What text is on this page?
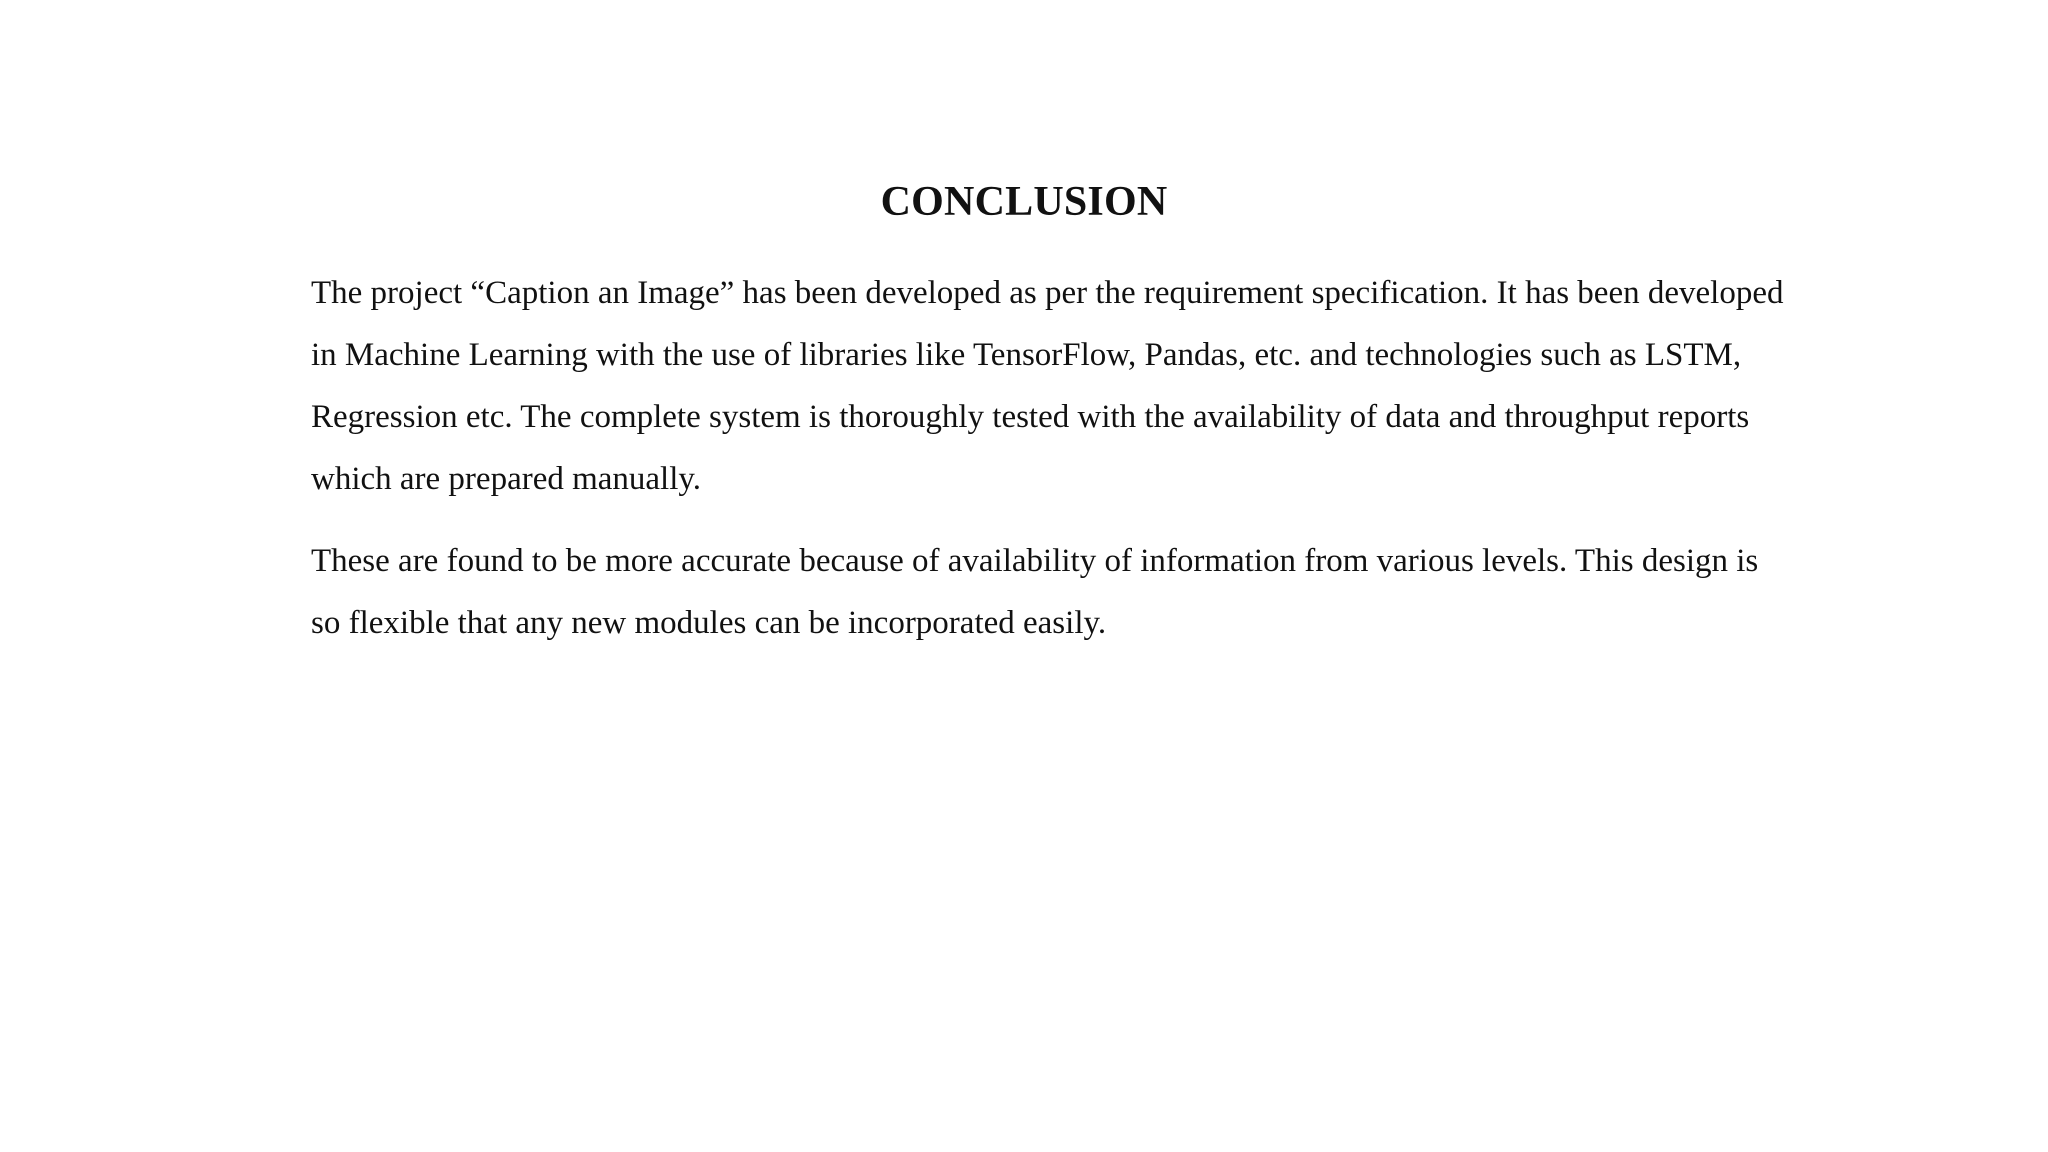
CONCLUSION

The project “Caption an Image” has been developed as per the requirement specification. It has been developed in Machine Learning with the use of libraries like TensorFlow, Pandas, etc. and technologies such as LSTM, Regression etc. The complete system is thoroughly tested with the availability of data and throughput reports which are prepared manually.

These are found to be more accurate because of availability of information from various levels. This design is so flexible that any new modules can be incorporated easily.
